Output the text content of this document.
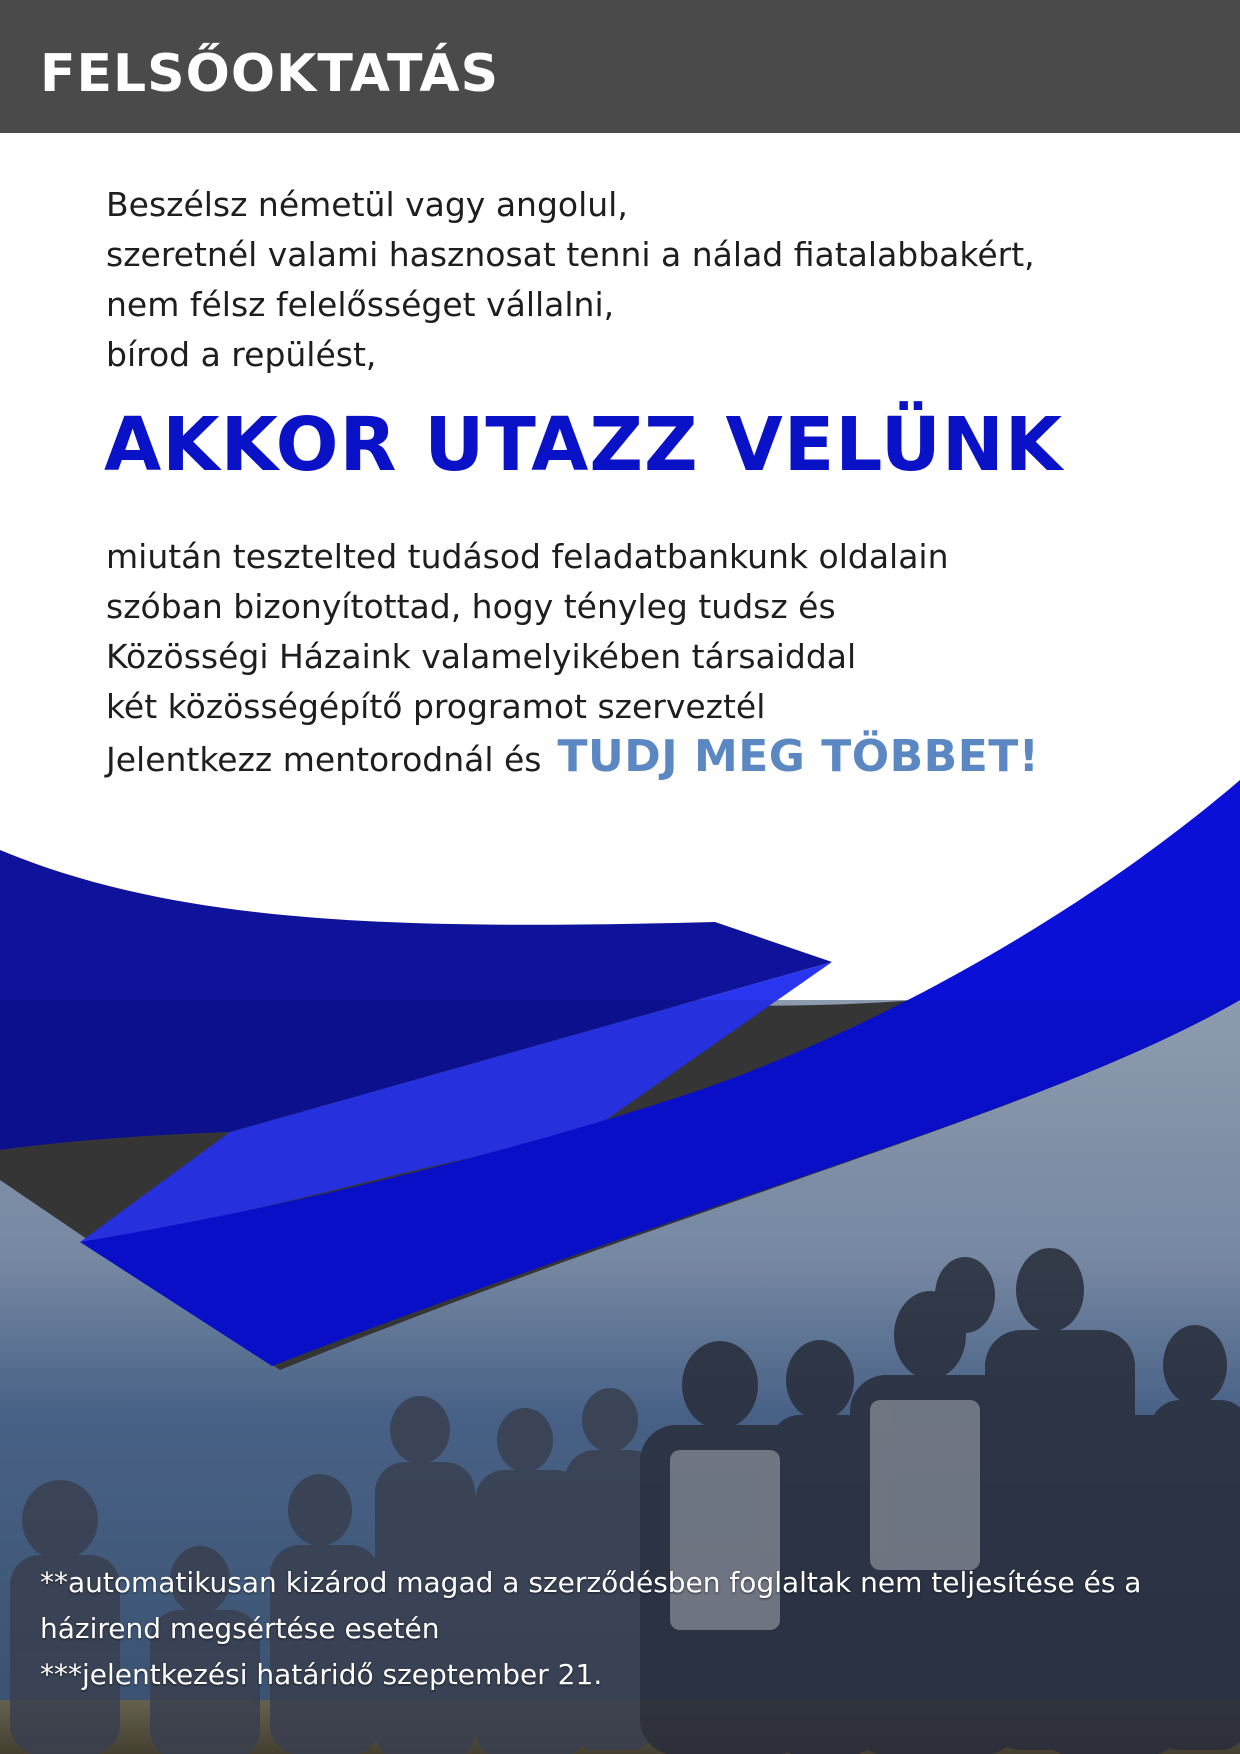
FELSŐOKTATÁS
Beszélsz németül vagy angolul,
szeretnél valami hasznosat tenni a nálad fiatalabbakért,
nem félsz felelősséget vállalni,
bírod a repülést,
AKKOR UTAZZ VELÜNK
miután tesztelted tudásod feladatbankunk oldalain
szóban bizonyítottad, hogy tényleg tudsz és
Közösségi Házaink valamelyikében társaiddal
két közösségépítő programot szerveztél
Jelentkezz mentorodnál és TUDJ MEG TÖBBET!
**automatikusan kizárod magad a szerződésben foglaltak nem teljesítése és a
házirend megsértése esetén
***jelentkezési határidő szeptember 21.
